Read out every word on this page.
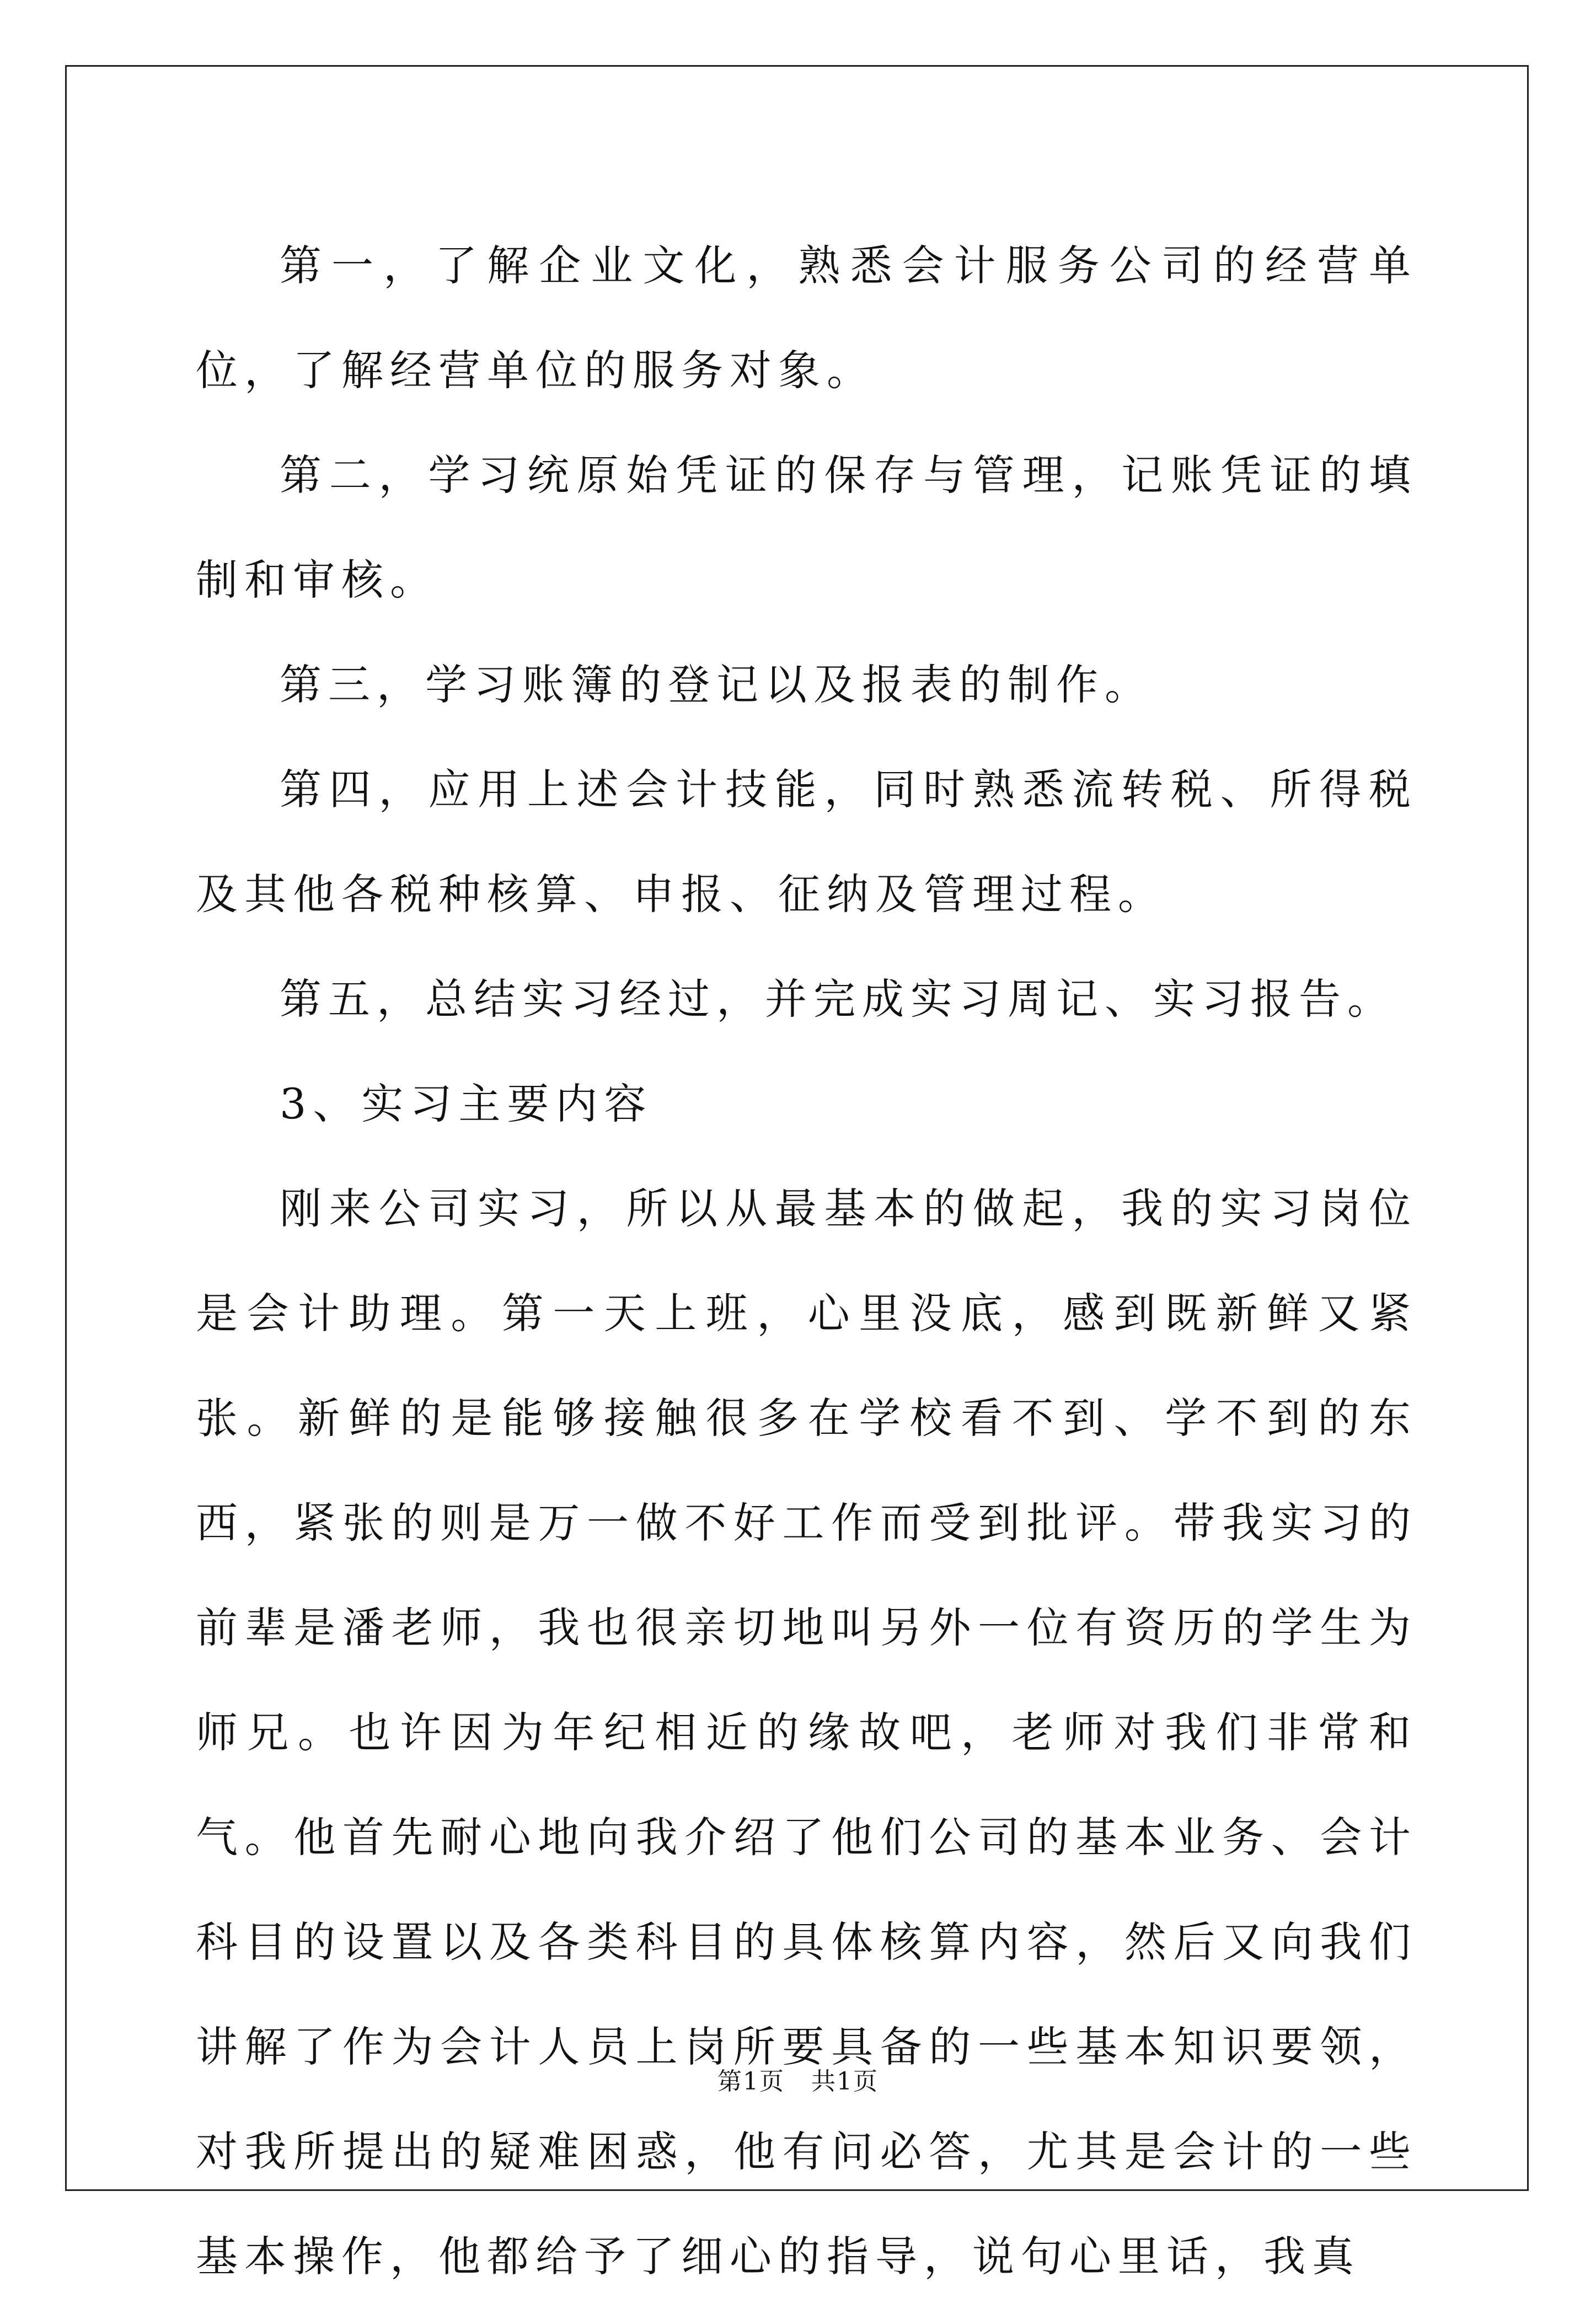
第一，了解企业文化，熟悉会计服务公司的经营单位，了解经营单位的服务对象。

第二，学习统原始凭证的保存与管理，记账凭证的填制和审核。

第三，学习账簿的登记以及报表的制作。

第四，应用上述会计技能，同时熟悉流转税、所得税及其他各税种核算、申报、征纳及管理过程。

第五，总结实习经过，并完成实习周记、实习报告。

3、实习主要内容

刚来公司实习，所以从最基本的做起，我的实习岗位是会计助理。第一天上班，心里没底，感到既新鲜又紧张。新鲜的是能够接触很多在学校看不到、学不到的东西，紧张的则是万一做不好工作而受到批评。带我实习的前辈是潘老师，我也很亲切地叫另外一位有资历的学生为师兄。也许因为年纪相近的缘故吧，老师对我们非常和气。他首先耐心地向我介绍了他们公司的基本业务、会计科目的设置以及各类科目的具体核算内容，然后又向我们讲解了作为会计人员上岗所要具备的一些基本知识要领，对我所提出的疑难困惑，他有问必答，尤其是会计的一些基本操作，他都给予了细心的指导，说句心里话，我真

第1页 共1页
